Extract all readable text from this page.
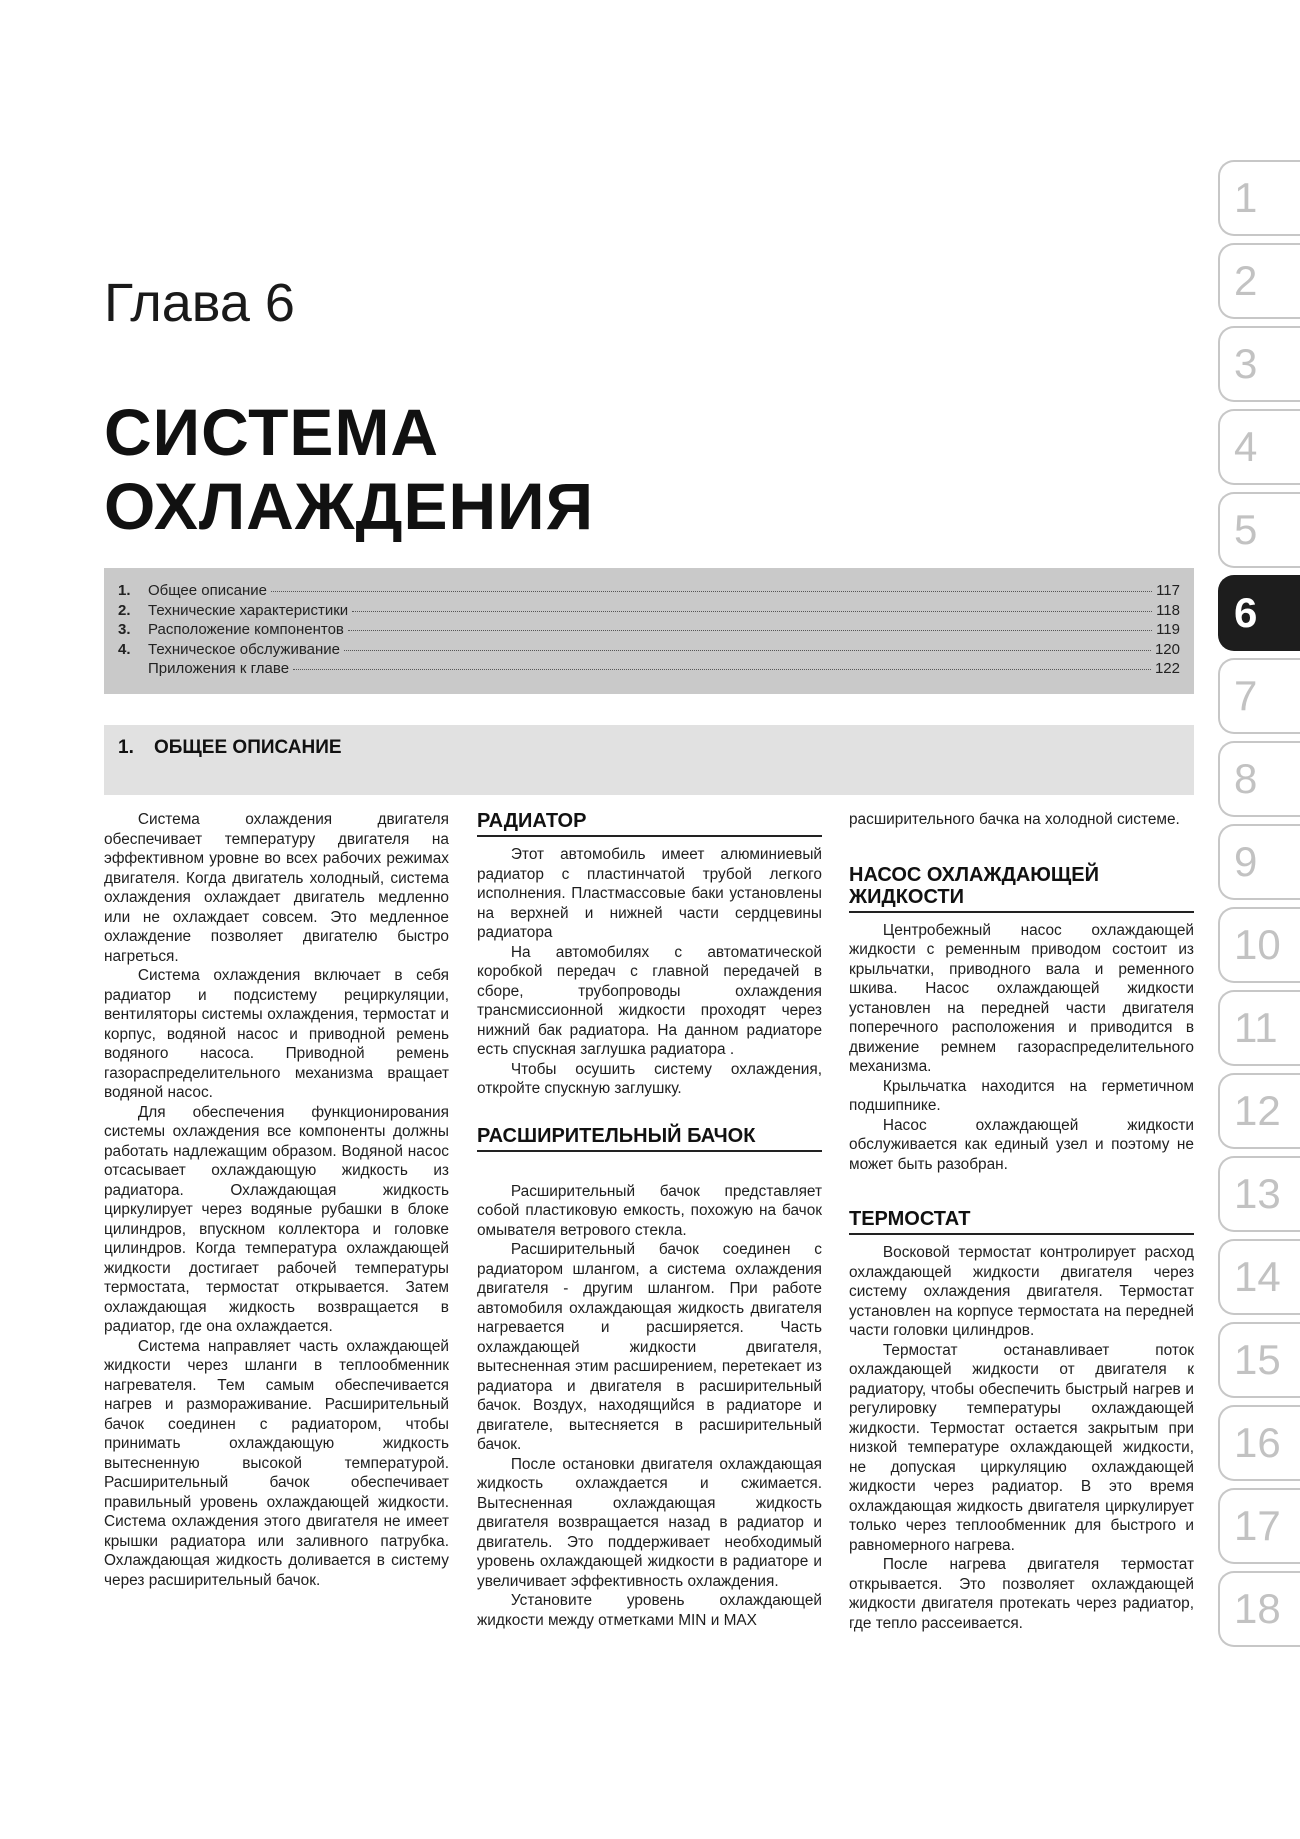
Глава 6
СИСТЕМА
ОХЛАЖДЕНИЯ
1.	Общее описание	117
2.	Технические характеристики	118
3.	Расположение компонентов	119
4.	Техническое обслуживание	120
Приложения к главе	122
1. ОБЩЕЕ ОПИСАНИЕ

Система охлаждения двигателя обеспечивает температуру двигателя на эффективном уровне во всех рабочих режимах двигателя. Когда двигатель холодный, система охлаждения охлаждает двигатель медленно или не охлаждает совсем. Это медленное охлаждение позволяет двигателю быстро нагреться.

Система охлаждения включает в себя радиатор и подсистему рециркуляции, вентиляторы системы охлаждения, термостат и корпус, водяной насос и приводной ремень водяного насоса. Приводной ремень газораспределительного механизма вращает водяной насос.

Для обеспечения функционирования системы охлаждения все компоненты должны работать надлежащим образом. Водяной насос отсасывает охлаждающую жидкость из радиатора. Охлаждающая жидкость циркулирует через водяные рубашки в блоке цилиндров, впускном коллектора и головке цилиндров. Когда температура охлаждающей жидкости достигает рабочей температуры термостата, термостат открывается. Затем охлаждающая жидкость возвращается в радиатор, где она охлаждается.

Система направляет часть охлаждающей жидкости через шланги в теплообменник нагревателя. Тем самым обеспечивается нагрев и размораживание. Расширительный бачок соединен с радиатором, чтобы принимать охлаждающую жидкость вытесненную высокой температурой. Расширительный бачок обеспечивает правильный уровень охлаждающей жидкости. Система охлаждения этого двигателя не имеет крышки радиатора или заливного патрубка. Охлаждающая жидкость доливается в систему через расширительный бачок.

РАДИАТОР

Этот автомобиль имеет алюминиевый радиатор с пластинчатой трубой легкого исполнения. Пластмассовые баки установлены на верхней и нижней части сердцевины радиатора

На автомобилях с автоматической коробкой передач с главной передачей в сборе, трубопроводы охлаждения трансмиссионной жидкости проходят через нижний бак радиатора. На данном радиаторе есть спускная заглушка радиатора .

Чтобы осушить систему охлаждения, откройте спускную заглушку.

РАСШИРИТЕЛЬНЫЙ БАЧОК

Расширительный бачок представляет собой пластиковую емкость, похожую на бачок омывателя ветрового стекла.

Расширительный бачок соединен с радиатором шлангом, а система охлаждения двигателя - другим шлангом. При работе автомобиля охлаждающая жидкость двигателя нагревается и расширяется. Часть охлаждающей жидкости двигателя, вытесненная этим расширением, перетекает из радиатора и двигателя в расширительный бачок. Воздух, находящийся в радиаторе и двигателе, вытесняется в расширительный бачок.

После остановки двигателя охлаждающая жидкость охлаждается и сжимается. Вытесненная охлаждающая жидкость двигателя возвращается назад в радиатор и двигатель. Это поддерживает необходимый уровень охлаждающей жидкости в радиаторе и увеличивает эффективность охлаждения.

Установите уровень охлаждающей жидкости между отметками MIN и MAX

расширительного бачка на холодной системе.

НАСОС ОХЛАЖДАЮЩЕЙ ЖИДКОСТИ

Центробежный насос охлаждающей жидкости с ременным приводом состоит из крыльчатки, приводного вала и ременного шкива. Насос охлаждающей жидкости установлен на передней части двигателя поперечного расположения и приводится в движение ремнем газораспределительного механизма.

Крыльчатка находится на герметичном подшипнике.

Насос охлаждающей жидкости обслуживается как единый узел и поэтому не может быть разобран.

ТЕРМОСТАТ

Восковой термостат контролирует расход охлаждающей жидкости двигателя через систему охлаждения двигателя. Термостат установлен на корпусе термостата на передней части головки цилиндров.

Термостат останавливает поток охлаждающей жидкости от двигателя к радиатору, чтобы обеспечить быстрый нагрев и регулировку температуры охлаждающей жидкости. Термостат остается закрытым при низкой температуре охлаждающей жидкости, не допуская циркуляцию охлаждающей жидкости через радиатор. В это время охлаждающая жидкость двигателя циркулирует только через теплообменник для быстрого и равномерного нагрева.

После нагрева двигателя термостат открывается. Это позволяет охлаждающей жидкости двигателя протекать через радиатор, где тепло рассеивается.

1
2
3
4
5
6
7
8
9
10
11
12
13
14
15
16
17
18
